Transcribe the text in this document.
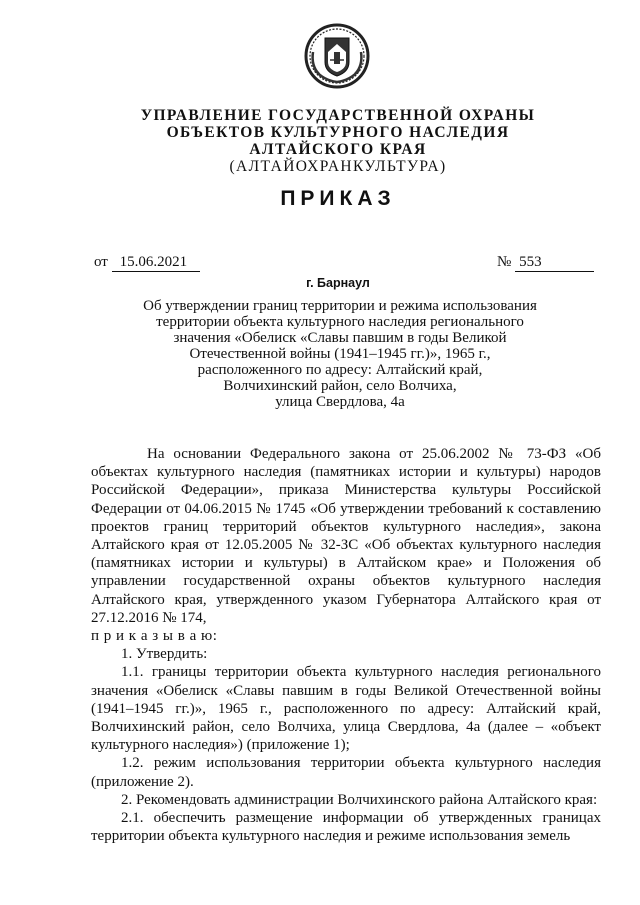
УПРАВЛЕНИЕ ГОСУДАРСТВЕННОЙ ОХРАНЫ
ОБЪЕКТОВ КУЛЬТУРНОГО НАСЛЕДИЯ
АЛТАЙСКОГО КРАЯ
(АЛТАЙОХРАНКУЛЬТУРА)
ПРИКАЗ
от 15.06.2021	№ 553
г. Барнаул
Об утверждении границ территории и режима использования
территории объекта культурного наследия регионального
значения «Обелиск «Славы павшим в годы Великой
Отечественной войны (1941–1945 гг.)», 1965 г.,
расположенного по адресу: Алтайский край,
Волчихинский район, село Волчиха,
улица Свердлова, 4а

На основании Федерального закона от 25.06.2002 № 73-ФЗ «Об объектах культурного наследия (памятниках истории и культуры) народов Российской Федерации», приказа Министерства культуры Российской Федерации от 04.06.2015 № 1745 «Об утверждении требований к составлению проектов границ территорий объектов культурного наследия», закона Алтайского края от 12.05.2005 № 32-ЗС «Об объектах культурного наследия (памятниках истории и культуры) в Алтайском крае» и Положения об управлении государственной охраны объектов культурного наследия Алтайского края, утвержденного указом Губернатора Алтайского края от 27.12.2016 № 174,

п р и к а з ы в а ю:

1. Утвердить:

1.1. границы территории объекта культурного наследия регионального значения «Обелиск «Славы павшим в годы Великой Отечественной войны (1941–1945 гг.)», 1965 г., расположенного по адресу: Алтайский край, Волчихинский район, село Волчиха, улица Свердлова, 4а (далее – «объект культурного наследия») (приложение 1);

1.2. режим использования территории объекта культурного наследия (приложение 2).

2. Рекомендовать администрации Волчихинского района Алтайского края:

2.1. обеспечить размещение информации об утвержденных границах территории объекта культурного наследия и режиме использования земель
